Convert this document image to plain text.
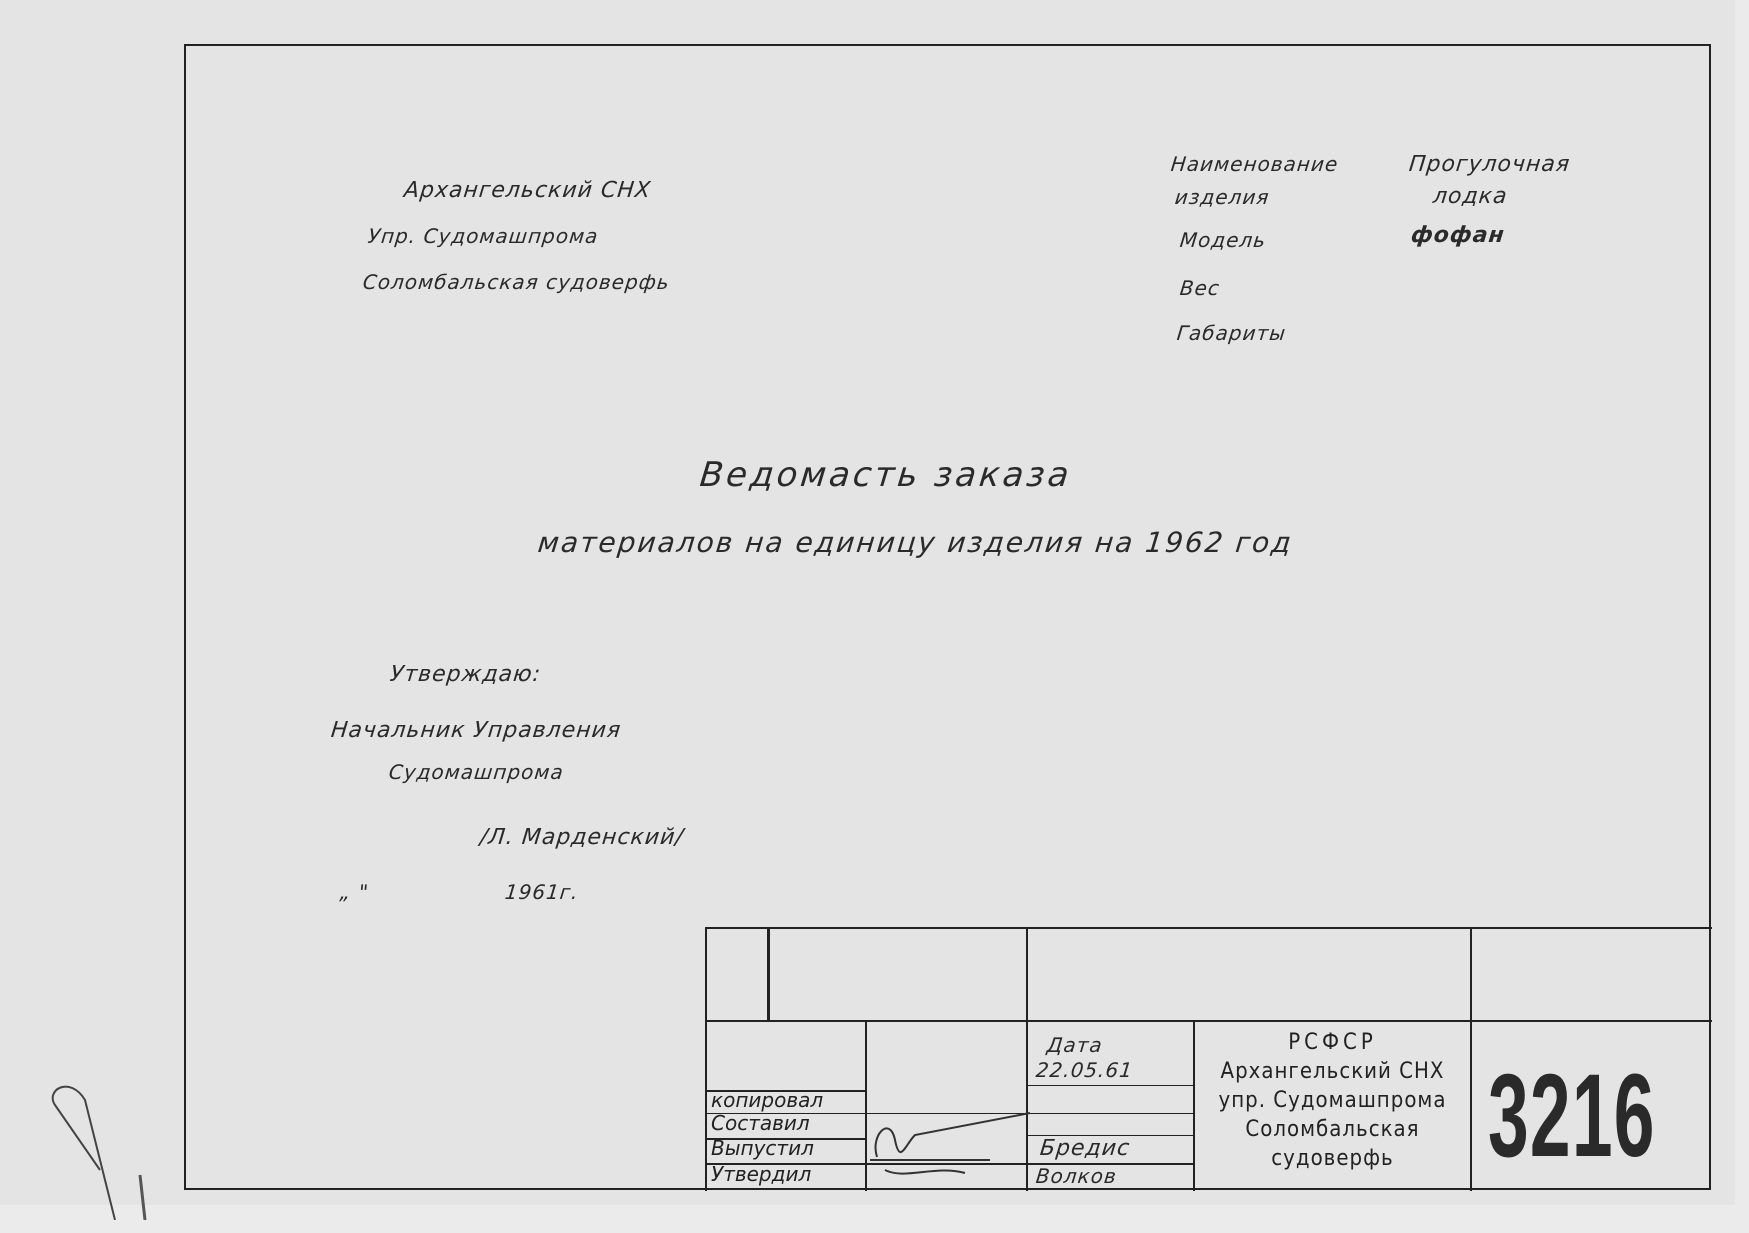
Архангельский СНХ
Упр. Судомашпрома
Соломбальская судоверфь
Наименование
изделия
Прогулочная
лодка
Модель	фофан
Вес
Габариты
Ведомасть заказа
материалов на единицу изделия на 1962 год
Утверждаю:
Начальник Управления
Судомашпрома
/Л. Марденский/
„ "	1961г.
копировал
Составил
Выпустил
Утвердил
Дата
22.05.61
Бредис
Волков
РСФСР
Архангельский СНХ
упр. Судомашпрома
Соломбальская
судоверфь 3216
